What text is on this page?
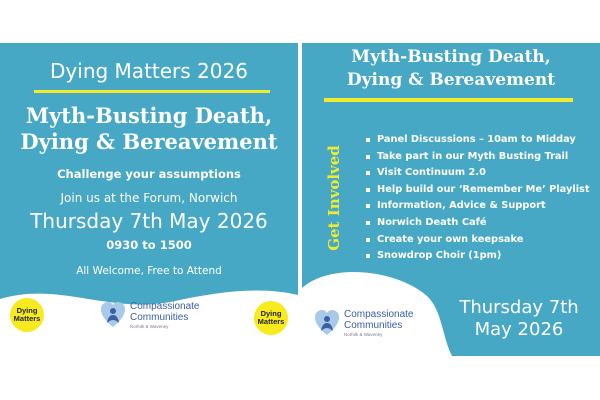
Dying Matters 2026
Myth-Busting Death,
Dying & Bereavement
Challenge your assumptions
Join us at the Forum, Norwich
Thursday 7th May 2026
0930 to 1500
All Welcome, Free to Attend
Dying
Matters
Compassionate
Communities
Norfolk & Waveney
Dying
Matters
Myth-Busting Death,
Dying & Bereavement
Get Involved
Panel Discussions – 10am to Midday
Take part in our Myth Busting Trail
Visit Continuum 2.0
Help build our ‘Remember Me’ Playlist
Information, Advice & Support
Norwich Death Café
Create your own keepsake
Snowdrop Choir (1pm)
Compassionate
Communities
Norfolk & Waveney
Thursday 7th
May 2026
